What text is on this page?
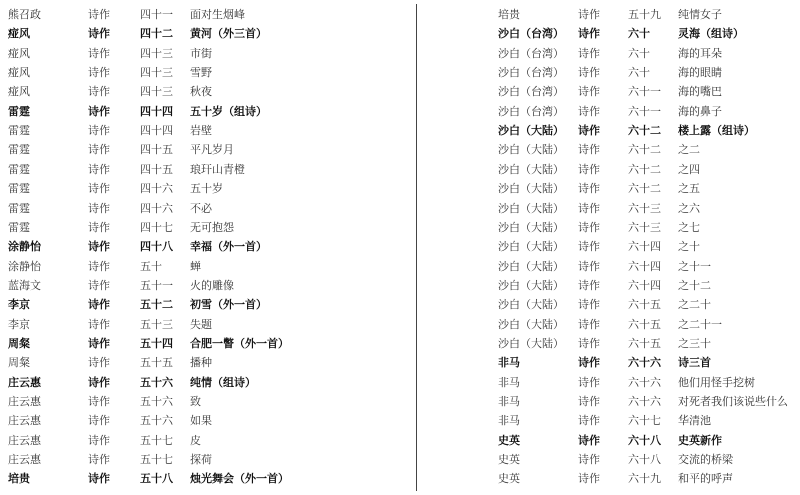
熊召政	诗作	四十一 面对生烟峰
痖风	诗作	四十二 黄河（外三首）
痖风	诗作	四十三 市街
痖风	诗作	四十三 雪野
痖风	诗作	四十三 秋夜
雷霆	诗作	四十四 五十岁（组诗）
雷霆	诗作	四十四 岩壁
雷霆	诗作	四十五 平凡岁月
雷霆	诗作	四十五 琅玕山青橙
雷霆	诗作	四十六 五十岁
雷霆	诗作	四十六 不必
雷霆	诗作	四十七 无可抱怨
涂静怡	诗作	四十八 幸福（外一首）
涂静怡	诗作	五十	蝉
蓝海文	诗作	五十一 火的雕像
李京	诗作	五十二 初雪（外一首）
李京	诗作	五十三 失题
周粲	诗作	五十四 合肥一瞥（外一首）
周粲	诗作	五十五 播种
庄云惠	诗作	五十六 纯情（组诗）
庄云惠	诗作	五十六 致
庄云惠	诗作	五十六 如果
庄云惠	诗作	五十七 皮
庄云惠	诗作	五十七 探荷
培贵	诗作	五十八 烛光舞会（外一首）
培贵	诗作	五十九 纯情女子
沙白（台湾） 诗作	六十	灵海（组诗）
沙白（台湾） 诗作	六十	海的耳朵
沙白（台湾） 诗作	六十	海的眼睛
沙白（台湾） 诗作	六十一 海的嘴巴
沙白（台湾） 诗作	六十一 海的鼻子
沙白（大陆） 诗作	六十二 楼上露（组诗）
沙白（大陆） 诗作	六十二 之二
沙白（大陆） 诗作	六十二 之四
沙白（大陆） 诗作	六十二 之五
沙白（大陆） 诗作	六十三 之六
沙白（大陆） 诗作	六十三 之七
沙白（大陆） 诗作	六十四 之十
沙白（大陆） 诗作	六十四 之十一
沙白（大陆） 诗作	六十四 之十二
沙白（大陆） 诗作	六十五 之二十
沙白（大陆） 诗作	六十五 之二十一
沙白（大陆） 诗作	六十五 之三十
非马	诗作	六十六 诗三首
非马	诗作	六十六 他们用怪手挖树
非马	诗作	六十六 对死者我们该说些什么
非马	诗作	六十七 华清池
史英	诗作	六十八 史英新作
史英	诗作	六十八 交流的桥梁
史英	诗作	六十九 和平的呼声
